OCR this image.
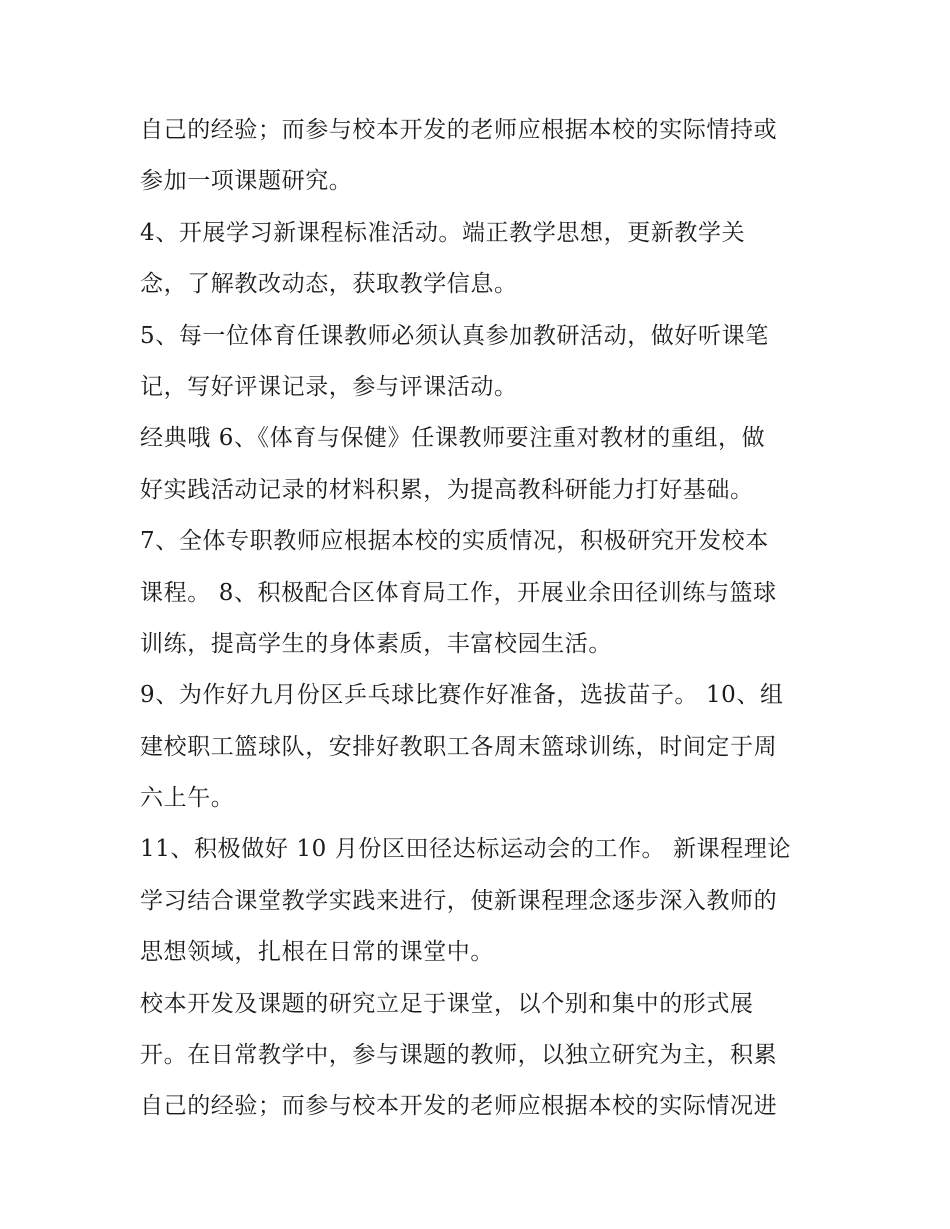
自己的经验；而参与校本开发的老师应根据本校的实际情持或
参加一项课题研究。
4、开展学习新课程标准活动。端正教学思想，更新教学关
念，了解教改动态，获取教学信息。
5、每一位体育任课教师必须认真参加教研活动，做好听课笔
记，写好评课记录，参与评课活动。
经典哦 6、《体育与保健》任课教师要注重对教材的重组，做
好实践活动记录的材料积累，为提高教科研能力打好基础。
7、全体专职教师应根据本校的实质情况，积极研究开发校本
课程。 8、积极配合区体育局工作，开展业余田径训练与篮球
训练，提高学生的身体素质，丰富校园生活。
9、为作好九月份区乒乓球比赛作好准备，选拔苗子。 10、组
建校职工篮球队，安排好教职工各周末篮球训练，时间定于周
六上午。
11、积极做好 10 月份区田径达标运动会的工作。 新课程理论
学习结合课堂教学实践来进行，使新课程理念逐步深入教师的
思想领域，扎根在日常的课堂中。
校本开发及课题的研究立足于课堂，以个别和集中的形式展
开。在日常教学中，参与课题的教师，以独立研究为主，积累
自己的经验；而参与校本开发的老师应根据本校的实际情况进
